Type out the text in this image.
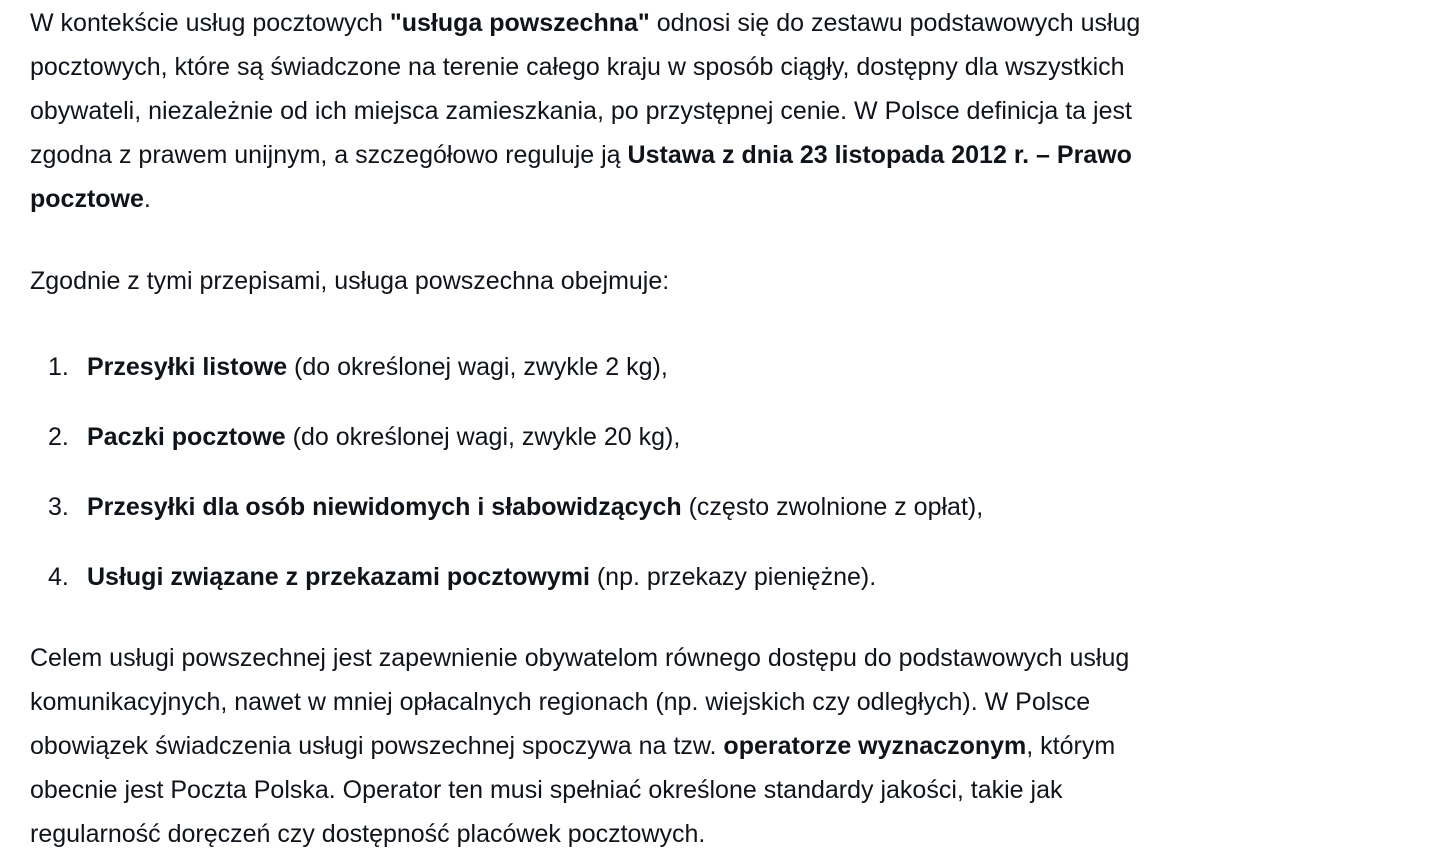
W kontekście usług pocztowych "usługa powszechna" odnosi się do zestawu podstawowych usług
pocztowych, które są świadczone na terenie całego kraju w sposób ciągły, dostępny dla wszystkich
obywateli, niezależnie od ich miejsca zamieszkania, po przystępnej cenie. W Polsce definicja ta jest
zgodna z prawem unijnym, a szczegółowo reguluje ją Ustawa z dnia 23 listopada 2012 r. – Prawo
pocztowe.
Zgodnie z tymi przepisami, usługa powszechna obejmuje:
1. Przesyłki listowe (do określonej wagi, zwykle 2 kg),
2. Paczki pocztowe (do określonej wagi, zwykle 20 kg),
3. Przesyłki dla osób niewidomych i słabowidzących (często zwolnione z opłat),
4. Usługi związane z przekazami pocztowymi (np. przekazy pieniężne).
Celem usługi powszechnej jest zapewnienie obywatelom równego dostępu do podstawowych usług
komunikacyjnych, nawet w mniej opłacalnych regionach (np. wiejskich czy odległych). W Polsce
obowiązek świadczenia usługi powszechnej spoczywa na tzw. operatorze wyznaczonym, którym
obecnie jest Poczta Polska. Operator ten musi spełniać określone standardy jakości, takie jak
regularność doręczeń czy dostępność placówek pocztowych.
